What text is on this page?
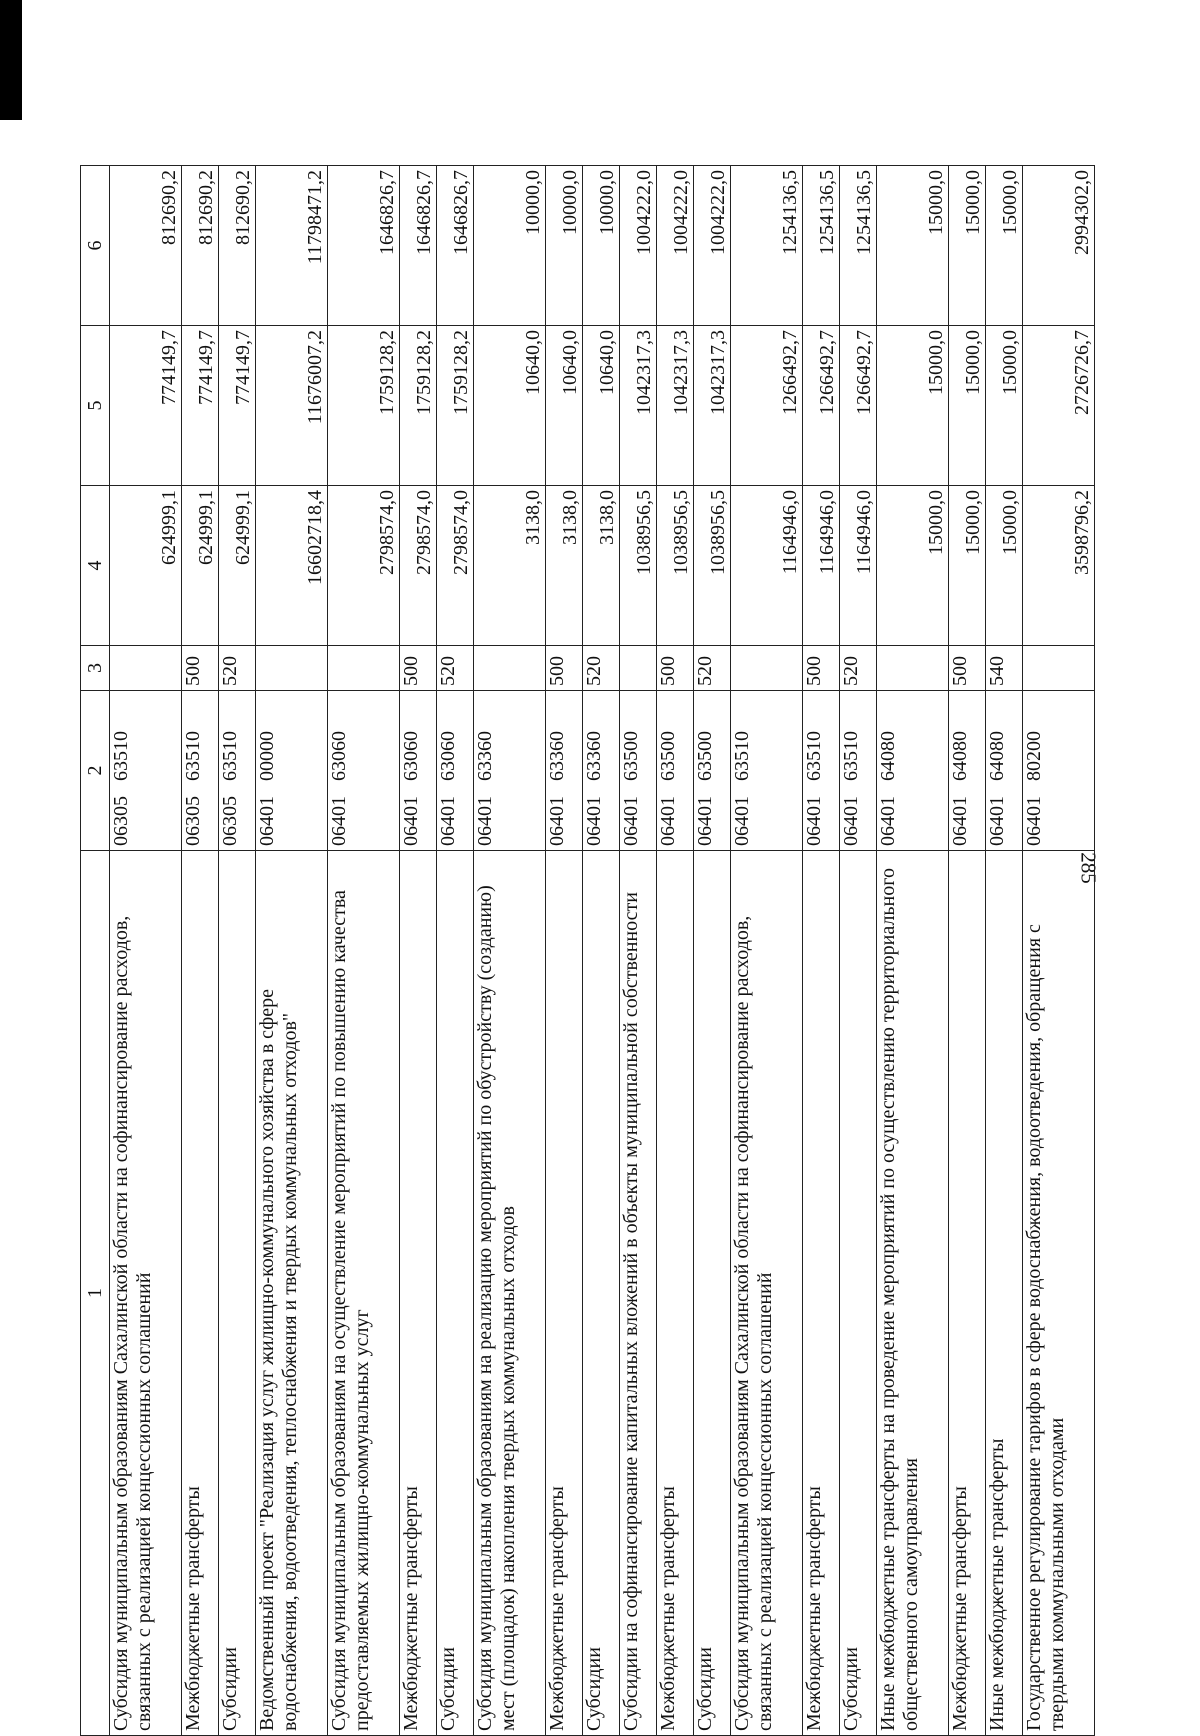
285
1	2	3	4	5	6
Субсидия муниципальным образованиям Сахалинской области на софинансирование расходов, связанных с реализацией концессионных соглашений	06305   63510		624999,1	774149,7	812690,2
Межбюджетные трансферты	06305   63510	500	624999,1	774149,7	812690,2
Субсидии	06305   63510	520	624999,1	774149,7	812690,2
Ведомственный проект "Реализация услуг жилищно-коммунального хозяйства в сфере водоснабжения, водоотведения, теплоснабжения и твердых коммунальных отходов"	06401   00000		16602718,4	11676007,2	11798471,2
Субсидия муниципальным образованиям на осуществление мероприятий по повышению качества предоставляемых жилищно-коммунальных услуг	06401   63060		2798574,0	1759128,2	1646826,7
Межбюджетные трансферты	06401   63060	500	2798574,0	1759128,2	1646826,7
Субсидии	06401   63060	520	2798574,0	1759128,2	1646826,7
Субсидия муниципальным образованиям на реализацию мероприятий по обустройству (созданию) мест (площадок) накопления твердых коммунальных отходов	06401   63360		3138,0	10640,0	10000,0
Межбюджетные трансферты	06401   63360	500	3138,0	10640,0	10000,0
Субсидии	06401   63360	520	3138,0	10640,0	10000,0
Субсидии на софинансирование капитальных вложений в объекты муниципальной собственности	06401   63500		1038956,5	1042317,3	1004222,0
Межбюджетные трансферты	06401   63500	500	1038956,5	1042317,3	1004222,0
Субсидии	06401   63500	520	1038956,5	1042317,3	1004222,0
Субсидия муниципальным образованиям Сахалинской области на софинансирование расходов, связанных с реализацией концессионных соглашений	06401   63510		1164946,0	1266492,7	1254136,5
Межбюджетные трансферты	06401   63510	500	1164946,0	1266492,7	1254136,5
Субсидии	06401   63510	520	1164946,0	1266492,7	1254136,5
Иные межбюджетные трансферты на проведение мероприятий по осуществлению территориального общественного самоуправления	06401   64080		15000,0	15000,0	15000,0
Межбюджетные трансферты	06401   64080	500	15000,0	15000,0	15000,0
Иные межбюджетные трансферты	06401   64080	540	15000,0	15000,0	15000,0
Государственное регулирование тарифов в сфере водоснабжения, водоотведения, обращения с твердыми коммунальными отходами	06401   80200		3598796,2	2726726,7	2994302,0
